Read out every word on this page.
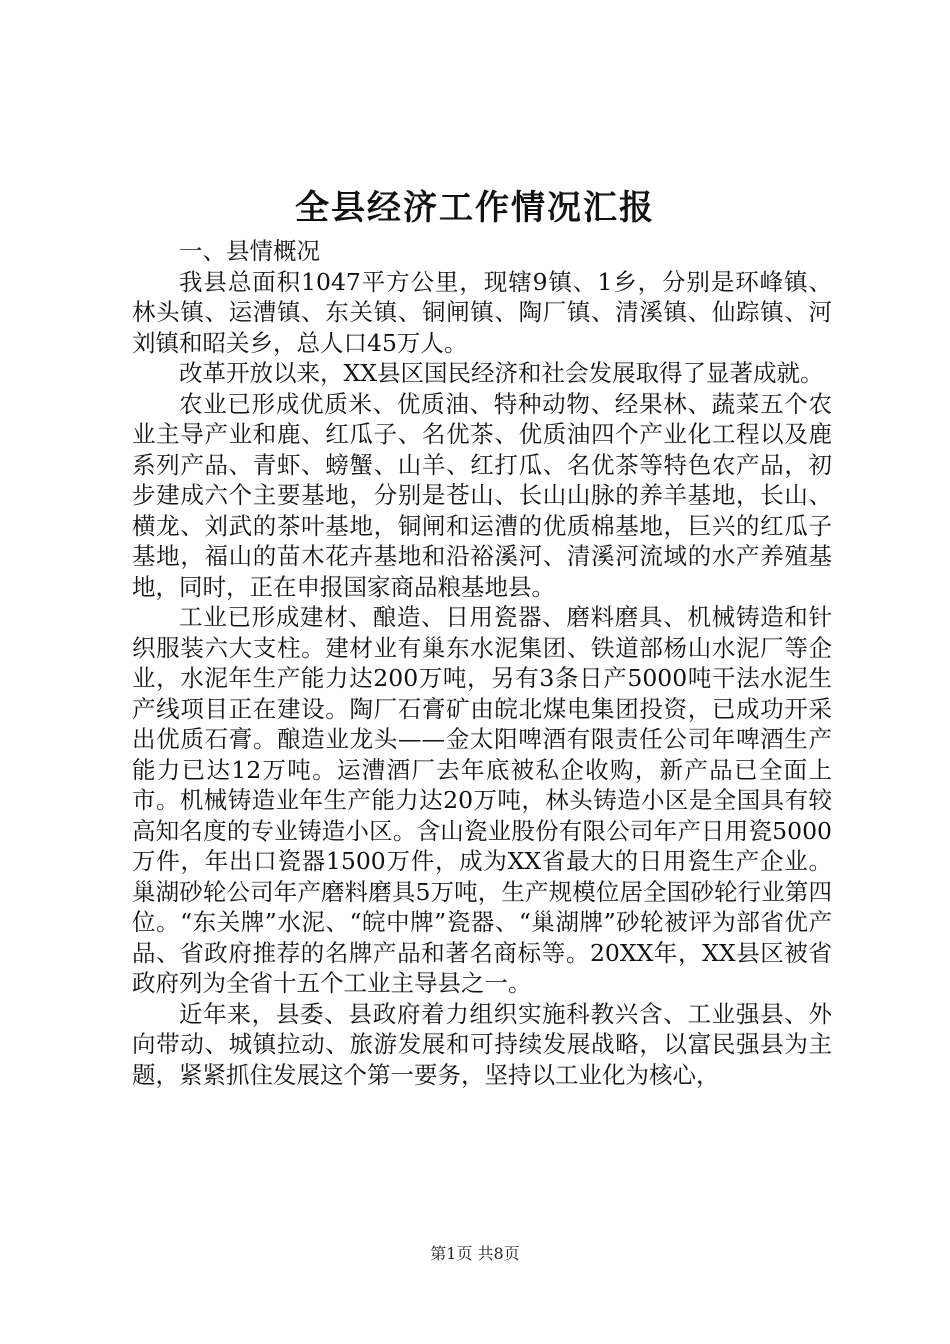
全县经济工作情况汇报

一、县情概况

我县总面积1047平方公里，现辖9镇、1乡，分别是环峰镇、林头镇、运漕镇、东关镇、铜闸镇、陶厂镇、清溪镇、仙踪镇、河刘镇和昭关乡，总人口45万人。

改革开放以来，XX县区国民经济和社会发展取得了显著成就。

农业已形成优质米、优质油、特种动物、经果林、蔬菜五个农业主导产业和鹿、红瓜子、名优茶、优质油四个产业化工程以及鹿系列产品、青虾、螃蟹、山羊、红打瓜、名优茶等特色农产品，初步建成六个主要基地，分别是苍山、长山山脉的养羊基地，长山、横龙、刘武的茶叶基地，铜闸和运漕的优质棉基地，巨兴的红瓜子基地，福山的苗木花卉基地和沿裕溪河、清溪河流域的水产养殖基地，同时，正在申报国家商品粮基地县。

工业已形成建材、酿造、日用瓷器、磨料磨具、机械铸造和针织服装六大支柱。建材业有巢东水泥集团、铁道部杨山水泥厂等企业，水泥年生产能力达200万吨，另有3条日产5000吨干法水泥生产线项目正在建设。陶厂石膏矿由皖北煤电集团投资，已成功开采出优质石膏。酿造业龙头——金太阳啤酒有限责任公司年啤酒生产能力已达12万吨。运漕酒厂去年底被私企收购，新产品已全面上市。机械铸造业年生产能力达20万吨，林头铸造小区是全国具有较高知名度的专业铸造小区。含山瓷业股份有限公司年产日用瓷5000万件，年出口瓷器1500万件，成为XX省最大的日用瓷生产企业。巢湖砂轮公司年产磨料磨具5万吨，生产规模位居全国砂轮行业第四位。“东关牌”水泥、“皖中牌”瓷器、“巢湖牌”砂轮被评为部省优产品、省政府推荐的名牌产品和著名商标等。20XX年，XX县区被省政府列为全省十五个工业主导县之一。

近年来，县委、县政府着力组织实施科教兴含、工业强县、外向带动、城镇拉动、旅游发展和可持续发展战略，以富民强县为主题，紧紧抓住发展这个第一要务，坚持以工业化为核心，

第1页 共8页
